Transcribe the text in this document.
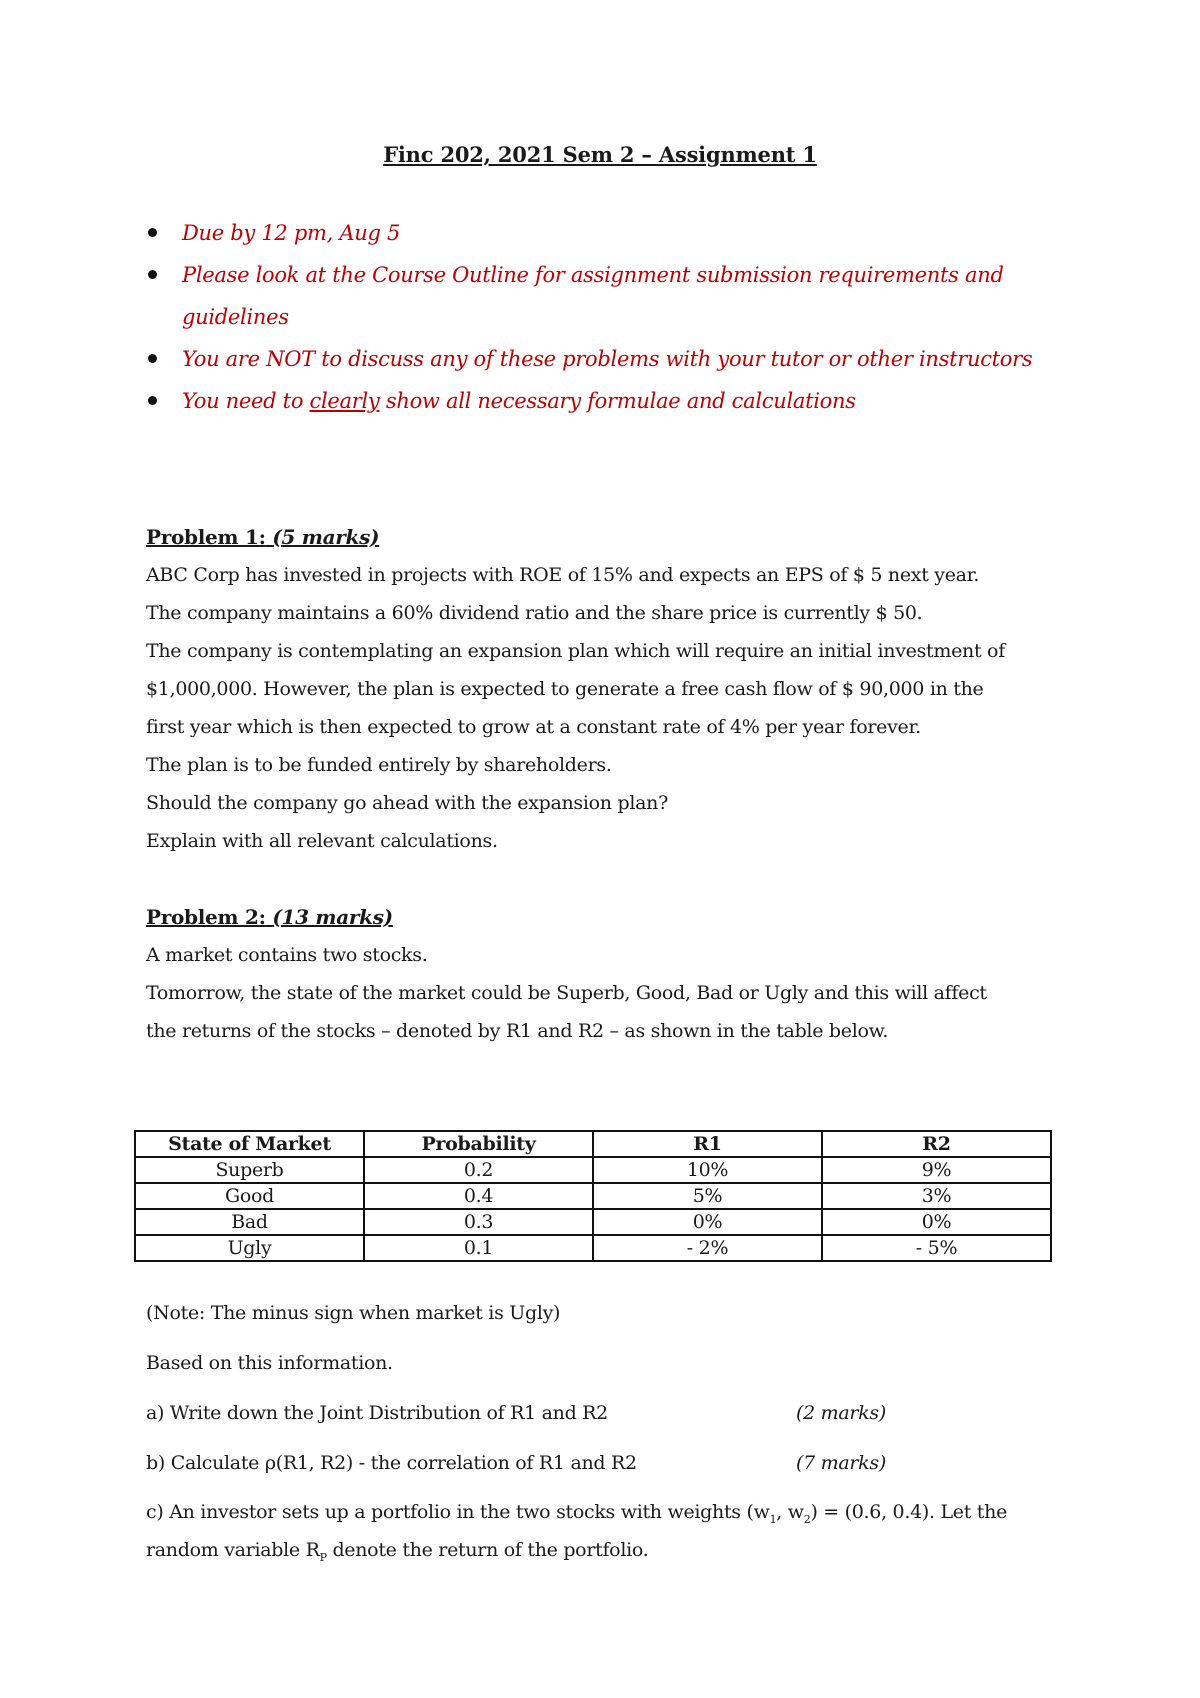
Finc 202, 2021 Sem 2 – Assignment 1
Due by 12 pm, Aug 5
Please look at the Course Outline for assignment submission requirements and guidelines
You are NOT to discuss any of these problems with your tutor or other instructors
You need to clearly show all necessary formulae and calculations
Problem 1: (5 marks)

ABC Corp has invested in projects with ROE of 15% and expects an EPS of $ 5 next year.

The company maintains a 60% dividend ratio and the share price is currently $ 50.

The company is contemplating an expansion plan which will require an initial investment of

$1,000,000. However, the plan is expected to generate a free cash flow of $ 90,000 in the

first year which is then expected to grow at a constant rate of 4% per year forever.

The plan is to be funded entirely by shareholders.

Should the company go ahead with the expansion plan?

Explain with all relevant calculations.

Problem 2: (13 marks)

A market contains two stocks.

Tomorrow, the state of the market could be Superb, Good, Bad or Ugly and this will affect

the returns of the stocks – denoted by R1 and R2 – as shown in the table below.

State of Market	Probability	R1	R2
Superb	0.2	10%	9%
Good	0.4	5%	3%
Bad	0.3	0%	0%
Ugly	0.1	- 2%	- 5%
(Note: The minus sign when market is Ugly)
Based on this information.
a) Write down the Joint Distribution of R1 and R2	(2 marks)
b) Calculate ρ(R1, R2) - the correlation of R1 and R2	(7 marks)
c) An investor sets up a portfolio in the two stocks with weights ($w_1$, $w_2) = (0.6$, 0.4). Let the
random variable $R_P$ denote the return of the portfolio.
